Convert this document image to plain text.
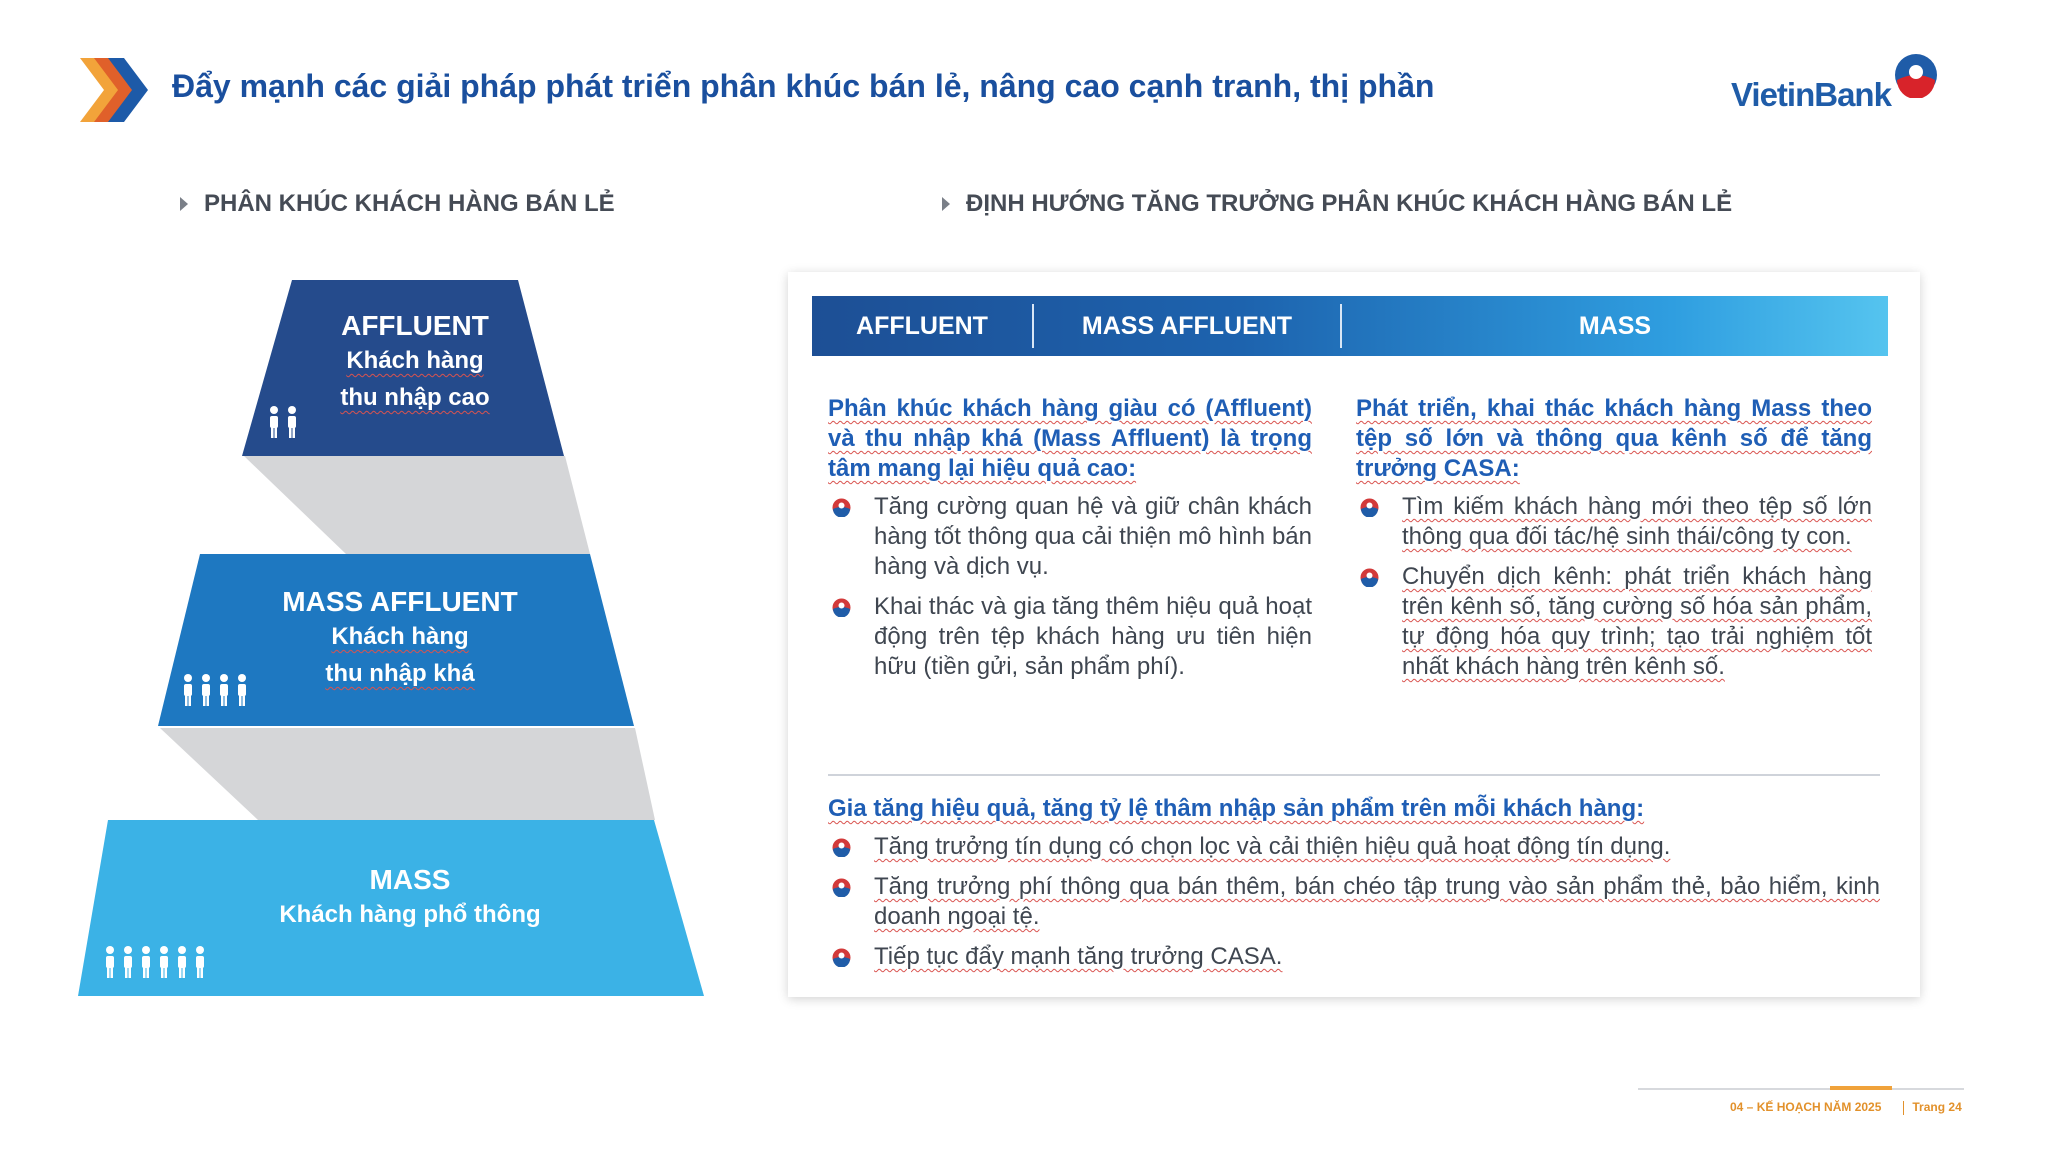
Đẩy mạnh các giải pháp phát triển phân khúc bán lẻ, nâng cao cạnh tranh, thị phần	VietinBank
PHÂN KHÚC KHÁCH HÀNG BÁN LẺ	ĐỊNH HƯỚNG TĂNG TRƯỞNG PHÂN KHÚC KHÁCH HÀNG BÁN LẺ
AFFLUENT
Khách hàng
thu nhập cao
MASS AFFLUENT
Khách hàng
thu nhập khá
MASS
Khách hàng phổ thông
AFFLUENT	MASS AFFLUENT	MASS

Phân khúc khách hàng giàu có (Affluent) và thu nhập khá (Mass Affluent) là trọng tâm mang lại hiệu quả cao:

Tăng cường quan hệ và giữ chân khách hàng tốt thông qua cải thiện mô hình bán hàng và dịch vụ.
Khai thác và gia tăng thêm hiệu quả hoạt động trên tệp khách hàng ưu tiên hiện hữu (tiền gửi, sản phẩm phí).

Phát triển, khai thác khách hàng Mass theo tệp số lớn và thông qua kênh số để tăng trưởng CASA:

Tìm kiếm khách hàng mới theo tệp số lớn thông qua đối tác/hệ sinh thái/công ty con.
Chuyển dịch kênh: phát triển khách hàng trên kênh số, tăng cường số hóa sản phẩm, tự động hóa quy trình; tạo trải nghiệm tốt nhất khách hàng trên kênh số.

Gia tăng hiệu quả, tăng tỷ lệ thâm nhập sản phẩm trên mỗi khách hàng:

Tăng trưởng tín dụng có chọn lọc và cải thiện hiệu quả hoạt động tín dụng.
Tăng trưởng phí thông qua bán thêm, bán chéo tập trung vào sản phẩm thẻ, bảo hiểm, kinh doanh ngoại tệ.
Tiếp tục đẩy mạnh tăng trưởng CASA.
04 – KẾ HOẠCH NĂM 2025	Trang 24
